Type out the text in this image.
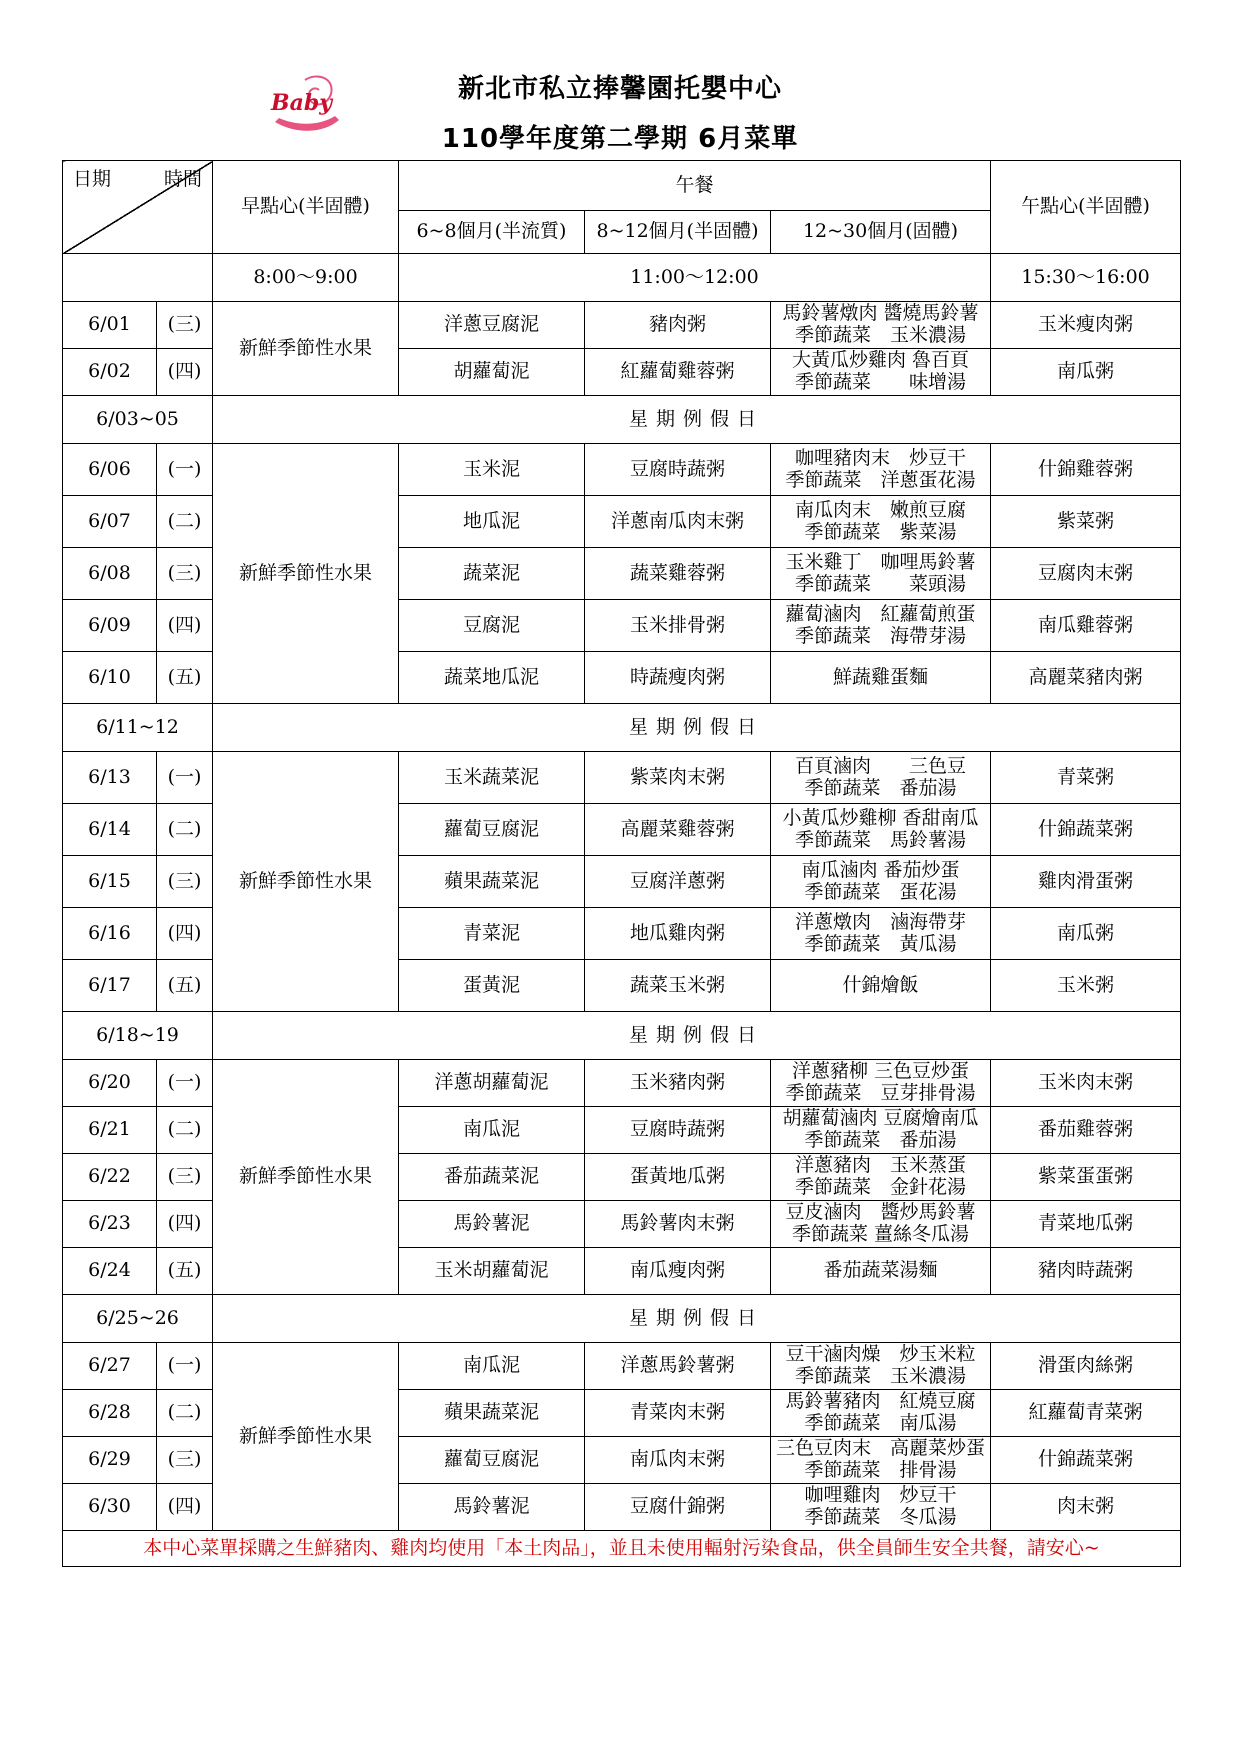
Baby	新北市私立捧馨園托嬰中心
110學年度第二學期 6月菜單
日期 時間		早點心(半固體)	午餐			午點心(半固體)
			6~8個月(半流質)	8~12個月(半固體)	12~30個月(固體)	
		8:00～9:00	11:00～12:00			15:30～16:00
6/01	(三)	新鮮季節性水果	洋蔥豆腐泥	豬肉粥	馬鈴薯燉肉 醬燒馬鈴薯
季節蔬菜　玉米濃湯	玉米瘦肉粥
6/02	(四)		胡蘿蔔泥	紅蘿蔔雞蓉粥	大黃瓜炒雞肉 魯百頁
季節蔬菜　　味增湯	南瓜粥
6/03~05		星期例假日				
6/06	(一)	新鮮季節性水果	玉米泥	豆腐時蔬粥	咖哩豬肉末　炒豆干
季節蔬菜　洋蔥蛋花湯	什錦雞蓉粥
6/07	(二)		地瓜泥	洋蔥南瓜肉末粥	南瓜肉末　嫩煎豆腐
季節蔬菜　紫菜湯	紫菜粥
6/08	(三)		蔬菜泥	蔬菜雞蓉粥	玉米雞丁　咖哩馬鈴薯
季節蔬菜　　菜頭湯	豆腐肉末粥
6/09	(四)		豆腐泥	玉米排骨粥	蘿蔔滷肉　紅蘿蔔煎蛋
季節蔬菜　海帶芽湯	南瓜雞蓉粥
6/10	(五)		蔬菜地瓜泥	時蔬瘦肉粥	鮮蔬雞蛋麵	高麗菜豬肉粥
6/11~12		星期例假日				
6/13	(一)	新鮮季節性水果	玉米蔬菜泥	紫菜肉末粥	百頁滷肉　　三色豆
季節蔬菜　番茄湯	青菜粥
6/14	(二)		蘿蔔豆腐泥	高麗菜雞蓉粥	小黃瓜炒雞柳 香甜南瓜
季節蔬菜　馬鈴薯湯	什錦蔬菜粥
6/15	(三)		蘋果蔬菜泥	豆腐洋蔥粥	南瓜滷肉 番茄炒蛋
季節蔬菜　蛋花湯	雞肉滑蛋粥
6/16	(四)		青菜泥	地瓜雞肉粥	洋蔥燉肉　滷海帶芽
季節蔬菜　黃瓜湯	南瓜粥
6/17	(五)		蛋黃泥	蔬菜玉米粥	什錦燴飯	玉米粥
6/18~19		星期例假日				
6/20	(一)	新鮮季節性水果	洋蔥胡蘿蔔泥	玉米豬肉粥	洋蔥豬柳 三色豆炒蛋
季節蔬菜　豆芽排骨湯	玉米肉末粥
6/21	(二)		南瓜泥	豆腐時蔬粥	胡蘿蔔滷肉 豆腐燴南瓜
季節蔬菜　番茄湯	番茄雞蓉粥
6/22	(三)		番茄蔬菜泥	蛋黃地瓜粥	洋蔥豬肉　玉米蒸蛋
季節蔬菜　金針花湯	紫菜蛋蛋粥
6/23	(四)		馬鈴薯泥	馬鈴薯肉末粥	豆皮滷肉　醬炒馬鈴薯
季節蔬菜 薑絲冬瓜湯	青菜地瓜粥
6/24	(五)		玉米胡蘿蔔泥	南瓜瘦肉粥	番茄蔬菜湯麵	豬肉時蔬粥
6/25~26		星期例假日				
6/27	(一)	新鮮季節性水果	南瓜泥	洋蔥馬鈴薯粥	豆干滷肉燥　炒玉米粒
季節蔬菜　玉米濃湯	滑蛋肉絲粥
6/28	(二)		蘋果蔬菜泥	青菜肉末粥	馬鈴薯豬肉　紅燒豆腐
季節蔬菜　南瓜湯	紅蘿蔔青菜粥
6/29	(三)		蘿蔔豆腐泥	南瓜肉末粥	三色豆肉末　高麗菜炒蛋
季節蔬菜　排骨湯	什錦蔬菜粥
6/30	(四)		馬鈴薯泥	豆腐什錦粥	咖哩雞肉　炒豆干
季節蔬菜　冬瓜湯	肉末粥
本中心菜單採購之生鮮豬肉、雞肉均使用「本土肉品」，並且未使用輻射污染食品，供全員師生安全共餐，請安心~						
